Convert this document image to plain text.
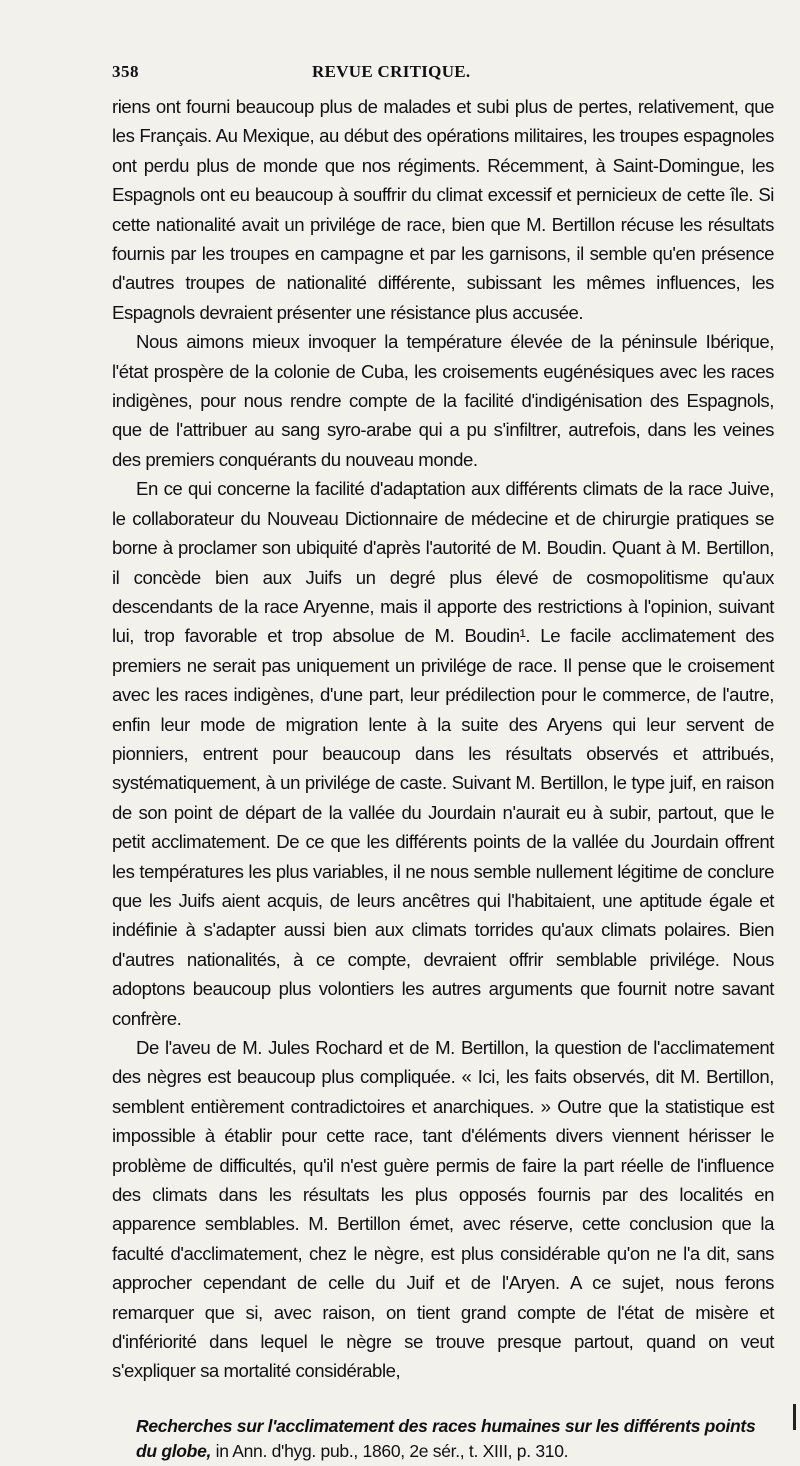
358	REVUE CRITIQUE.

riens ont fourni beaucoup plus de malades et subi plus de pertes, relativement, que les Français. Au Mexique, au début des opérations militaires, les troupes espagnoles ont perdu plus de monde que nos régiments. Récemment, à Saint-Domingue, les Espagnols ont eu beaucoup à souffrir du climat excessif et pernicieux de cette île. Si cette nationalité avait un privilége de race, bien que M. Bertillon récuse les résultats fournis par les troupes en campagne et par les garnisons, il semble qu'en présence d'autres troupes de nationalité différente, subissant les mêmes influences, les Espagnols devraient présenter une résistance plus accusée.

Nous aimons mieux invoquer la température élevée de la péninsule Ibérique, l'état prospère de la colonie de Cuba, les croisements eugénésiques avec les races indigènes, pour nous rendre compte de la facilité d'indigénisation des Espagnols, que de l'attribuer au sang syro-arabe qui a pu s'infiltrer, autrefois, dans les veines des premiers conquérants du nouveau monde.

En ce qui concerne la facilité d'adaptation aux différents climats de la race Juive, le collaborateur du Nouveau Dictionnaire de médecine et de chirurgie pratiques se borne à proclamer son ubiquité d'après l'autorité de M. Boudin. Quant à M. Bertillon, il concède bien aux Juifs un degré plus élevé de cosmopolitisme qu'aux descendants de la race Aryenne, mais il apporte des restrictions à l'opinion, suivant lui, trop favorable et trop absolue de M. Boudin¹. Le facile acclimatement des premiers ne serait pas uniquement un privilége de race. Il pense que le croisement avec les races indigènes, d'une part, leur prédilection pour le commerce, de l'autre, enfin leur mode de migration lente à la suite des Aryens qui leur servent de pionniers, entrent pour beaucoup dans les résultats observés et attribués, systématiquement, à un privilége de caste. Suivant M. Bertillon, le type juif, en raison de son point de départ de la vallée du Jourdain n'aurait eu à subir, partout, que le petit acclimatement. De ce que les différents points de la vallée du Jourdain offrent les températures les plus variables, il ne nous semble nullement légitime de conclure que les Juifs aient acquis, de leurs ancêtres qui l'habitaient, une aptitude égale et indéfinie à s'adapter aussi bien aux climats torrides qu'aux climats polaires. Bien d'autres nationalités, à ce compte, devraient offrir semblable privilége. Nous adoptons beaucoup plus volontiers les autres arguments que fournit notre savant confrère.

De l'aveu de M. Jules Rochard et de M. Bertillon, la question de l'acclimatement des nègres est beaucoup plus compliquée. « Ici, les faits observés, dit M. Bertillon, semblent entièrement contradictoires et anarchiques. » Outre que la statistique est impossible à établir pour cette race, tant d'éléments divers viennent hérisser le problème de difficultés, qu'il n'est guère permis de faire la part réelle de l'influence des climats dans les résultats les plus opposés fournis par des localités en apparence semblables. M. Bertillon émet, avec réserve, cette conclusion que la faculté d'acclimatement, chez le nègre, est plus considérable qu'on ne l'a dit, sans approcher cependant de celle du Juif et de l'Aryen. A ce sujet, nous ferons remarquer que si, avec raison, on tient grand compte de l'état de misère et d'infériorité dans lequel le nègre se trouve presque partout, quand on veut s'expliquer sa mortalité considérable,

Recherches sur l'acclimatement des races humaines sur les différents points du globe, in Ann. d'hyg. pub., 1860, 2e sér., t. XIII, p. 310.
